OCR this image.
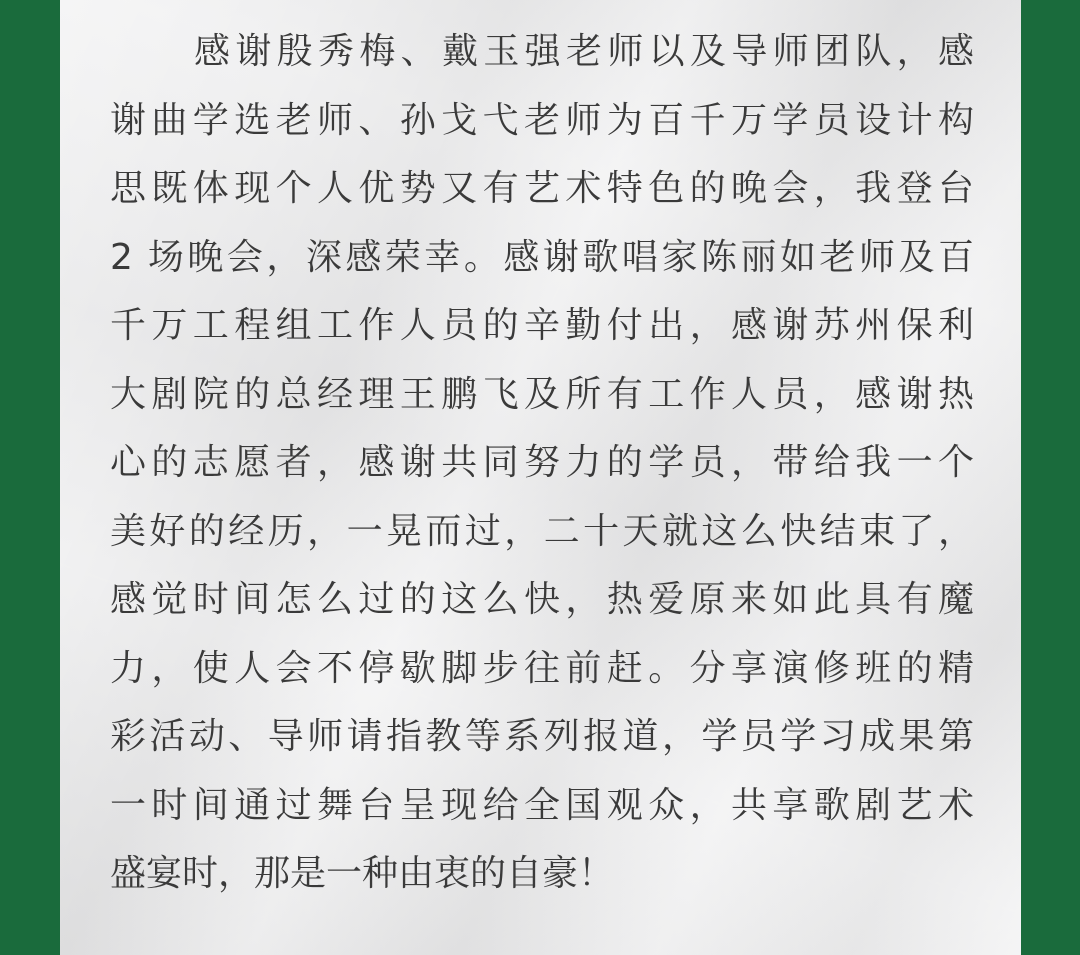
感谢殷秀梅、戴玉强老师以及导师团队，感
谢曲学选老师、孙戈弋老师为百千万学员设计构
思既体现个人优势又有艺术特色的晚会，我登台
2 场晚会，深感荣幸。感谢歌唱家陈丽如老师及百
千万工程组工作人员的辛勤付出，感谢苏州保利
大剧院的总经理王鹏飞及所有工作人员，感谢热
心的志愿者，感谢共同努力的学员，带给我一个
美好的经历，一晃而过，二十天就这么快结束了，
感觉时间怎么过的这么快，热爱原来如此具有魔
力，使人会不停歇脚步往前赶。分享演修班的精
彩活动、导师请指教等系列报道，学员学习成果第
一时间通过舞台呈现给全国观众，共享歌剧艺术
盛宴时，那是一种由衷的自豪！
